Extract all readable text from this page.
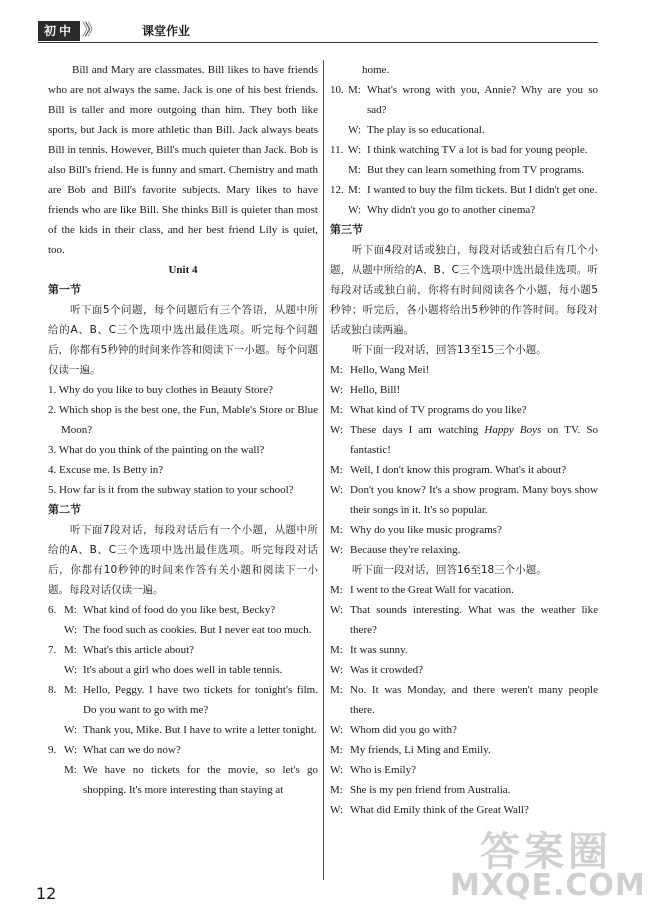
初中 》》	课堂作业

Bill and Mary are classmates. Bill likes to have friends who are not always the same. Jack is one of his best friends. Bill is taller and more outgoing than him. They both like sports, but Jack is more athletic than Bill. Jack always beats Bill in tennis. However, Bill's much quieter than Jack. Bob is also Bill's friend. He is funny and smart. Chemistry and math are Bob and Bill's favorite subjects. Mary likes to have friends who are like Bill. She thinks Bill is quieter than most of the kids in their class, and her best friend Lily is quiet, too.

Unit 4

第一节

听下面5个问题，每个问题后有三个答语，从题中所给的A、B、C三个选项中选出最佳选项。听完每个问题后，你都有5秒钟的时间来作答和阅读下一小题。每个问题仅读一遍。

1. Why do you like to buy clothes in Beauty Store?

2. Which shop is the best one, the Fun, Mable's Store or Blue Moon?

3. What do you think of the painting on the wall?

4. Excuse me. Is Betty in?

5. How far is it from the subway station to your school?

第二节

听下面7段对话，每段对话后有一个小题，从题中所给的A、B、C三个选项中选出最佳选项。听完每段对话后，你都有10秒钟的时间来作答有关小题和阅读下一小题。每段对话仅读一遍。

6. M: What kind of food do you like best, Becky?
W: The food such as cookies. But I never eat too much.
7. M: What's this article about?
W: It's about a girl who does well in table tennis.
8. M: Hello, Peggy. I have two tickets for tonight's film. Do you want to go with me?
W: Thank you, Mike. But I have to write a letter tonight.
9. W: What can we do now?
M: We have no tickets for the movie, so let's go shopping. It's more interesting than staying at

home.

10. M: What's wrong with you, Annie? Why are you so sad?
W: The play is so educational.
11. W: I think watching TV a lot is bad for young people.
M: But they can learn something from TV programs.
12. M: I wanted to buy the film tickets. But I didn't get one.
W: Why didn't you go to another cinema?

第三节

听下面4段对话或独白，每段对话或独白后有几个小题，从题中所给的A、B、C三个选项中选出最佳选项。听每段对话或独白前，你将有时间阅读各个小题，每小题5秒钟；听完后，各小题将给出5秒钟的作答时间。每段对话或独白读两遍。

听下面一段对话，回答13至15三个小题。

M: Hello, Wang Mei!
W: Hello, Bill!
M: What kind of TV programs do you like?
W: These days I am watching Happy Boys on TV. So fantastic!
M: Well, I don't know this program. What's it about?
W: Don't you know? It's a show program. Many boys show their songs in it. It's so popular.
M: Why do you like music programs?
W: Because they're relaxing.

听下面一段对话，回答16至18三个小题。

M: I went to the Great Wall for vacation.
W: That sounds interesting. What was the weather like there?
M: It was sunny.
W: Was it crowded?
M: No. It was Monday, and there weren't many people there.
W: Whom did you go with?
M: My friends, Li Ming and Emily.
W: Who is Emily?
M: She is my pen friend from Australia.
W: What did Emily think of the Great Wall?
12
答案圈
MXQE.COM
